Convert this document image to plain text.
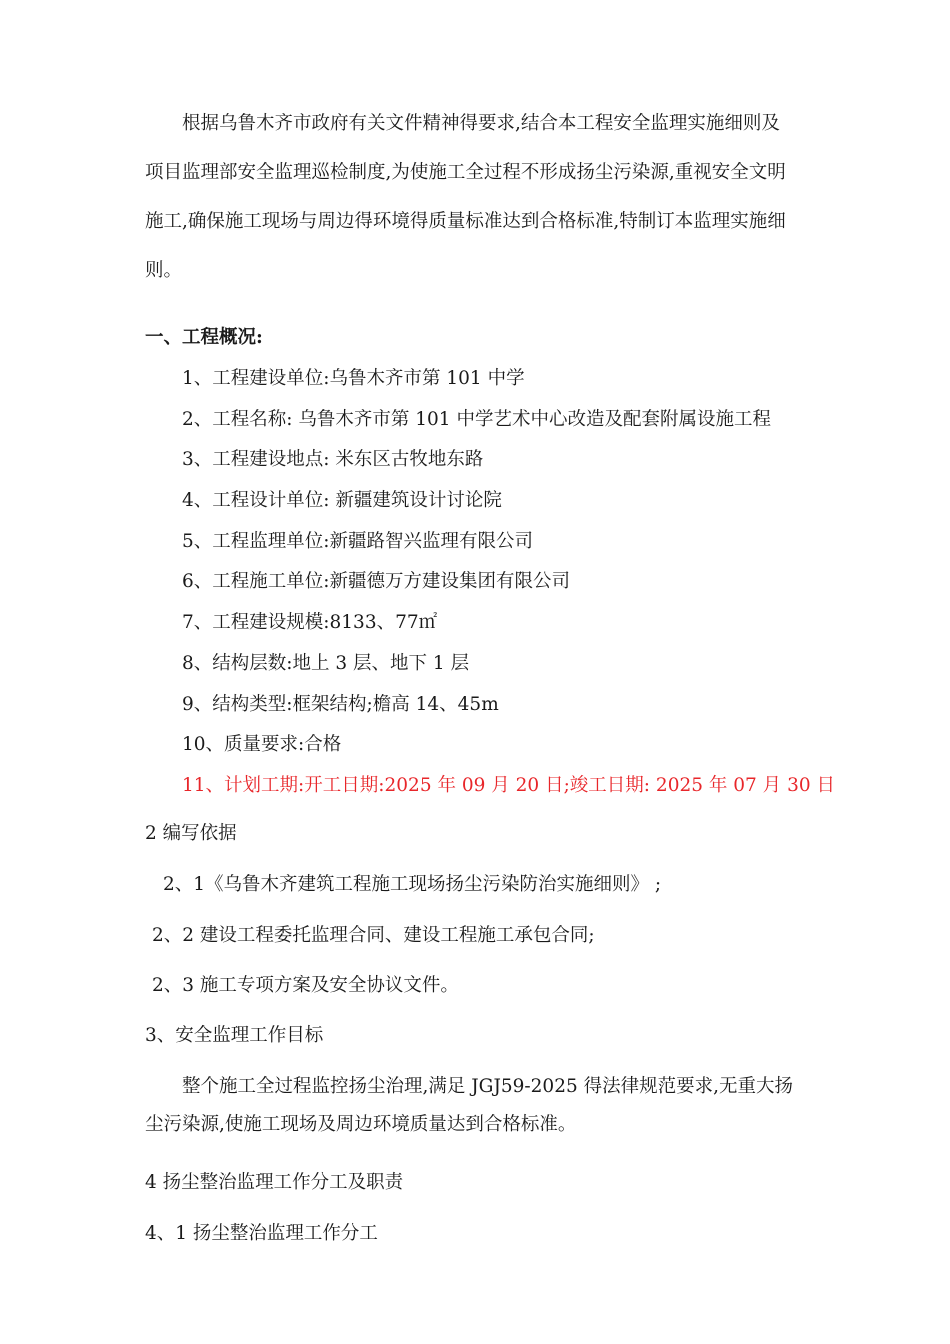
根据乌鲁木齐市政府有关文件精神得要求,结合本工程安全监理实施细则及
项目监理部安全监理巡检制度,为使施工全过程不形成扬尘污染源,重视安全文明
施工,确保施工现场与周边得环境得质量标准达到合格标准,特制订本监理实施细
则。
一、工程概况:
1、工程建设单位:乌鲁木齐市第 101 中学
2、工程名称: 乌鲁木齐市第 101 中学艺术中心改造及配套附属设施工程
3、工程建设地点: 米东区古牧地东路
4、工程设计单位: 新疆建筑设计讨论院
5、工程监理单位:新疆路智兴监理有限公司
6、工程施工单位:新疆德万方建设集团有限公司
7、工程建设规模:8133、77㎡
8、结构层数:地上 3 层、地下 1 层
9、结构类型:框架结构;檐高 14、45m
10、质量要求:合格
11、计划工期:开工日期:2025 年 09 月 20 日;竣工日期: 2025 年 07 月 30 日
2 编写依据
2、1《乌鲁木齐建筑工程施工现场扬尘污染防治实施细则》 ;
2、2 建设工程委托监理合同、建设工程施工承包合同;
2、3 施工专项方案及安全协议文件。
3、安全监理工作目标
整个施工全过程监控扬尘治理,满足 JGJ59-2025 得法律规范要求,无重大扬
尘污染源,使施工现场及周边环境质量达到合格标准。
4 扬尘整治监理工作分工及职责
4、1 扬尘整治监理工作分工
